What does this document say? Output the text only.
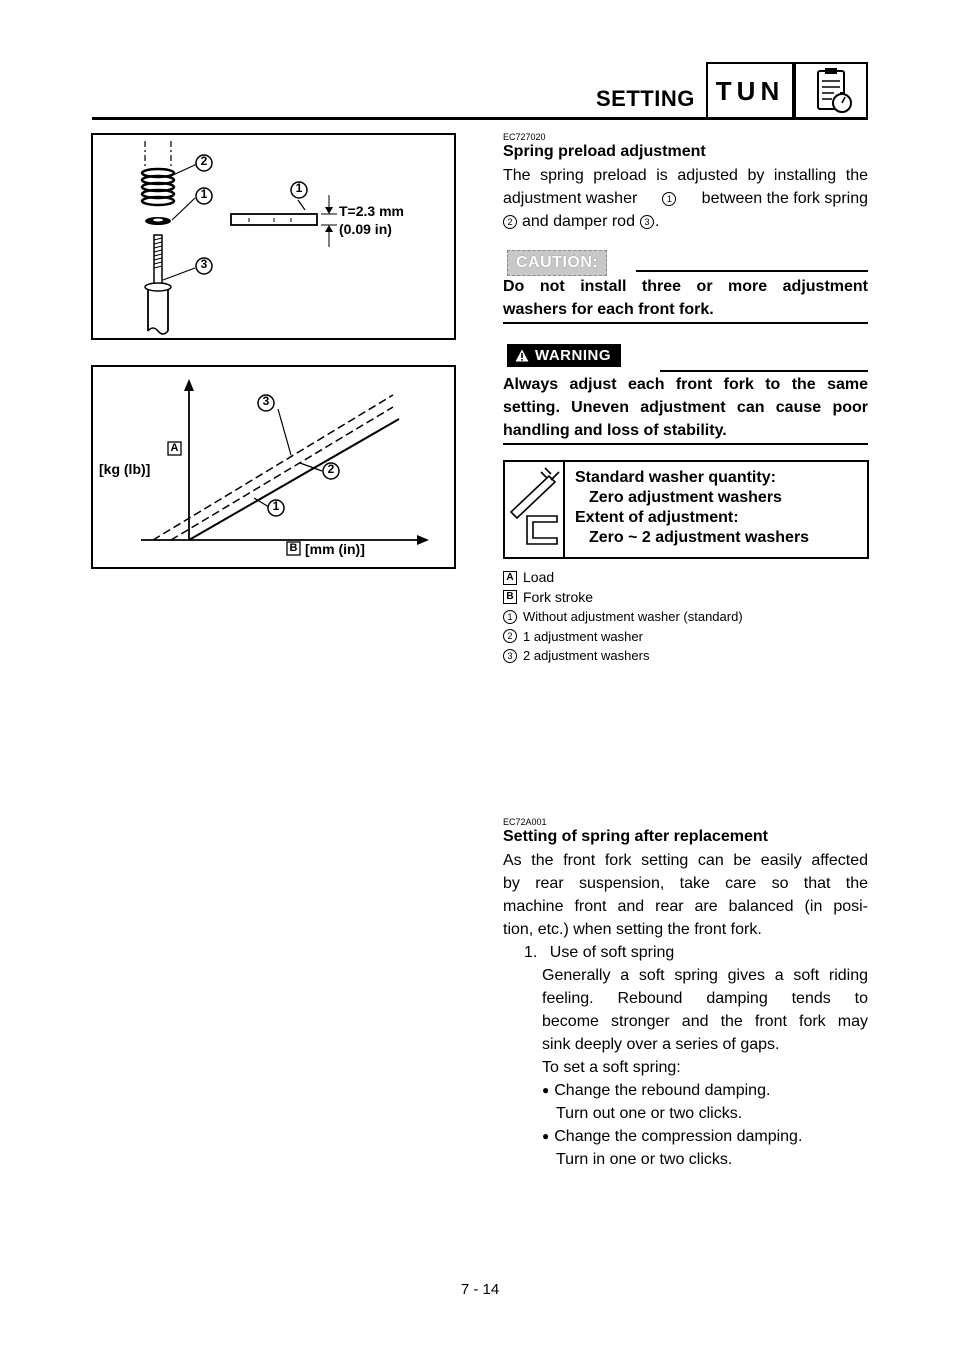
SETTING TUN
2
1
3
1
T=2.3 mm
(0.09 in)
3
2
1
A
[kg (lb)]
B [mm (in)]
EC727020
Spring preload adjustment
The spring preload is adjusted by installing the
adjustment washer	1 between the fork spring
2 and damper rod	3 .
CAUTION:
Do not install three or more adjustment
washers for each front fork.
WARNING
Always adjust each front fork to the same
setting. Uneven adjustment can cause poor
handling and loss of stability.
Standard washer quantity:
Zero adjustment washers
Extent of adjustment:
Zero ~ 2 adjustment washers
A Load
B Fork stroke
1 Without adjustment washer (standard)
2 1 adjustment washer
3 2 adjustment washers
EC72A001
Setting of spring after replacement
As the front fork setting can be easily affected
by rear suspension, take care so that the
machine front and rear are balanced (in posi-
tion, etc.) when setting the front fork.
1. Use of soft spring
Generally a soft spring gives a soft riding
feeling. Rebound damping tends to
become stronger and the front fork may
sink deeply over a series of gaps.
To set a soft spring:
● Change the rebound damping.
Turn out one or two clicks.
● Change the compression damping.
Turn in one or two clicks.
7 - 14
